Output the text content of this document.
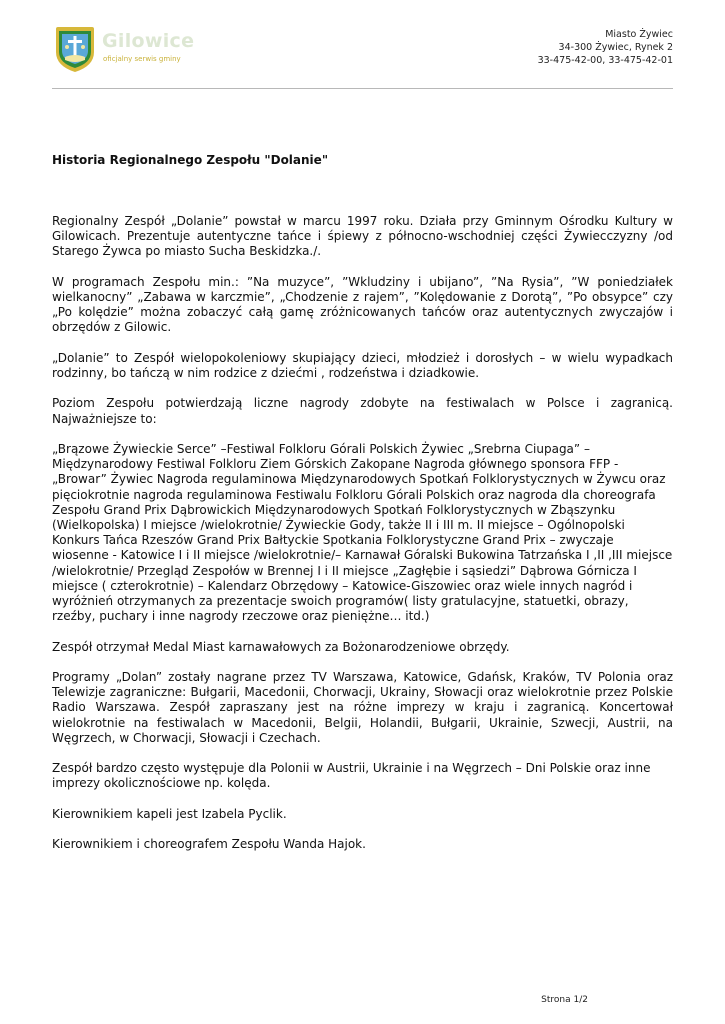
Gilowice
oficjalny serwis gminy
Miasto Żywiec
34-300 Żywiec, Rynek 2
33-475-42-00, 33-475-42-01
Historia Regionalnego Zespołu "Dolanie"

Regionalny Zespół „Dolanie” powstał w marcu 1997 roku. Działa przy Gminnym Ośrodku Kultury w Gilowicach. Prezentuje autentyczne tańce i śpiewy z północno-wschodniej części Żywiecczyzny /od Starego Żywca po miasto Sucha Beskidzka./.

W programach Zespołu min.: ”Na muzyce”, ”Wkludziny i ubijano”, ”Na Rysia”, ”W poniedziałek wielkanocny” „Zabawa w karczmie”, „Chodzenie z rajem”, ”Kolędowanie z Dorotą”, ”Po obsypce” czy „Po kolędzie” można zobaczyć całą gamę zróżnicowanych tańców oraz autentycznych zwyczajów i obrzędów z Gilowic.

„Dolanie” to Zespół wielopokoleniowy skupiający dzieci, młodzież i dorosłych – w wielu wypadkach rodzinny, bo tańczą w nim rodzice z dziećmi , rodzeństwa i dziadkowie.

Poziom Zespołu potwierdzają liczne nagrody zdobyte na festiwalach w Polsce i zagranicą. Najważniejsze to:

„Brązowe Żywieckie Serce” –Festiwal Folkloru Górali Polskich Żywiec „Srebrna Ciupaga” – Międzynarodowy Festiwal Folkloru Ziem Górskich Zakopane Nagroda głównego sponsora FFP - „Browar” Żywiec Nagroda regulaminowa Międzynarodowych Spotkań Folklorystycznych w Żywcu oraz pięciokrotnie nagroda regulaminowa Festiwalu Folkloru Górali Polskich oraz nagroda dla choreografa Zespołu Grand Prix Dąbrowickich Międzynarodowych Spotkań Folklorystycznych w Zbąszynku (Wielkopolska) I miejsce /wielokrotnie/ Żywieckie Gody, także II i III m. II miejsce – Ogólnopolski Konkurs Tańca Rzeszów Grand Prix Bałtyckie Spotkania Folklorystyczne Grand Prix – zwyczaje wiosenne - Katowice I i II miejsce /wielokrotnie/– Karnawał Góralski Bukowina Tatrzańska I ,II ,III miejsce /wielokrotnie/ Przegląd Zespołów w Brennej I i II miejsce „Zagłębie i sąsiedzi” Dąbrowa Górnicza I miejsce ( czterokrotnie) – Kalendarz Obrzędowy – Katowice-Giszowiec oraz wiele innych nagród i wyróżnień otrzymanych za prezentacje swoich programów( listy gratulacyjne, statuetki, obrazy, rzeźby, puchary i inne nagrody rzeczowe oraz pieniężne… itd.)

Zespół otrzymał Medal Miast karnawałowych za Bożonarodzeniowe obrzędy.

Programy „Dolan” zostały nagrane przez TV Warszawa, Katowice, Gdańsk, Kraków, TV Polonia oraz Telewizje zagraniczne: Bułgarii, Macedonii, Chorwacji, Ukrainy, Słowacji oraz wielokrotnie przez Polskie Radio Warszawa. Zespół zapraszany jest na różne imprezy w kraju i zagranicą. Koncertował wielokrotnie na festiwalach w Macedonii, Belgii, Holandii, Bułgarii, Ukrainie, Szwecji, Austrii, na Węgrzech, w Chorwacji, Słowacji i Czechach.

Zespół bardzo często występuje dla Polonii w Austrii, Ukrainie i na Węgrzech – Dni Polskie oraz inne imprezy okolicznościowe np. kolęda.

Kierownikiem kapeli jest Izabela Pyclik.

Kierownikiem i choreografem Zespołu Wanda Hajok.

Strona 1/2
